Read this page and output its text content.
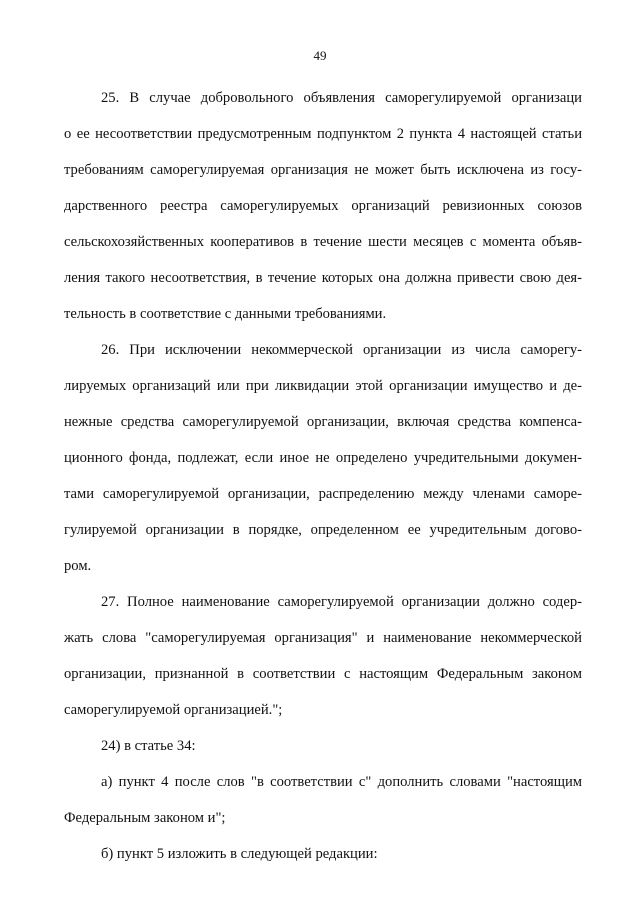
49
25. В случае добровольного объявления саморегулируемой организаци
о ее несоответствии предусмотренным подпунктом 2 пункта 4 настоящей статьи
требованиям саморегулируемая организация не может быть исключена из госу-
дарственного реестра саморегулируемых организаций ревизионных союзов
сельскохозяйственных кооперативов в течение шести месяцев с момента объяв-
ления такого несоответствия, в течение которых она должна привести свою дея-
тельность в соответствие с данными требованиями.
26. При исключении некоммерческой организации из числа саморегу-
лируемых организаций или при ликвидации этой организации имущество и де-
нежные средства саморегулируемой организации, включая средства компенса-
ционного фонда, подлежат, если иное не определено учредительными докумен-
тами саморегулируемой организации, распределению между членами саморе-
гулируемой организации в порядке, определенном ее учредительным догово-
ром.
27. Полное наименование саморегулируемой организации должно содер-
жать слова "саморегулируемая организация" и наименование некоммерческой
организации, признанной в соответствии с настоящим Федеральным законом
саморегулируемой организацией.";
24) в статье 34:
а) пункт 4 после слов "в соответствии с" дополнить словами "настоящим
Федеральным законом и";
б) пункт 5 изложить в следующей редакции:
